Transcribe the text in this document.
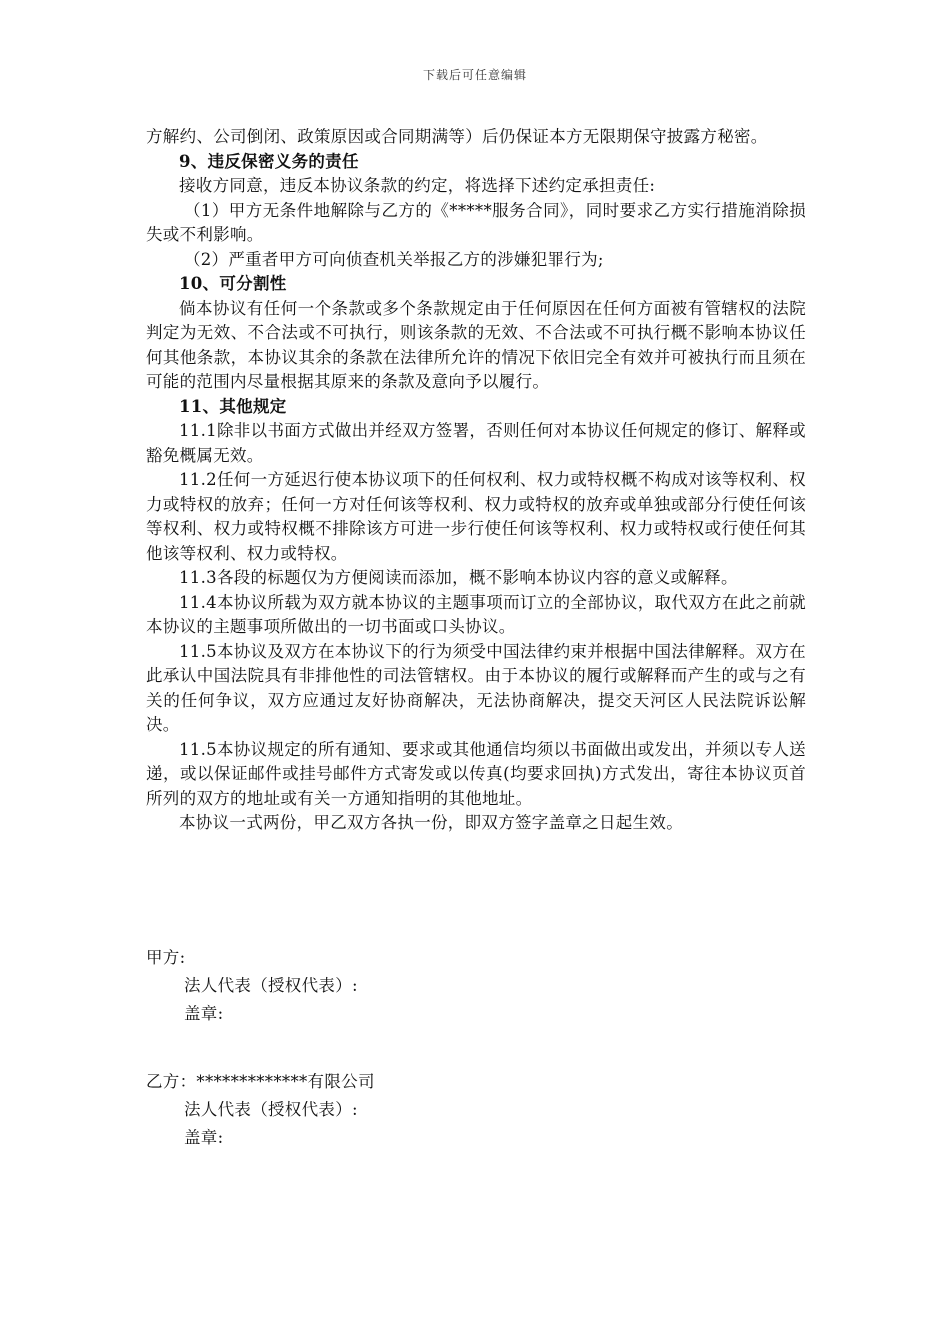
下载后可任意编辑

方解约、公司倒闭、政策原因或合同期满等）后仍保证本方无限期保守披露方秘密。

9、违反保密义务的责任

接收方同意，违反本协议条款的约定，将选择下述约定承担责任:

（1）甲方无条件地解除与乙方的《*****服务合同》，同时要求乙方实行措施消除损失或不利影响。

（2）严重者甲方可向侦查机关举报乙方的涉嫌犯罪行为;

10、可分割性

倘本协议有任何一个条款或多个条款规定由于任何原因在任何方面被有管辖权的法院判定为无效、不合法或不可执行，则该条款的无效、不合法或不可执行概不影响本协议任何其他条款，本协议其余的条款在法律所允许的情况下依旧完全有效并可被执行而且须在可能的范围内尽量根据其原来的条款及意向予以履行。

11、其他规定

11.1除非以书面方式做出并经双方签署，否则任何对本协议任何规定的修订、解释或豁免概属无效。

11.2任何一方延迟行使本协议项下的任何权利、权力或特权概不构成对该等权利、权力或特权的放弃；任何一方对任何该等权利、权力或特权的放弃或单独或部分行使任何该等权利、权力或特权概不排除该方可进一步行使任何该等权利、权力或特权或行使任何其他该等权利、权力或特权。

11.3各段的标题仅为方便阅读而添加，概不影响本协议内容的意义或解释。

11.4本协议所载为双方就本协议的主题事项而订立的全部协议，取代双方在此之前就本协议的主题事项所做出的一切书面或口头协议。

11.5本协议及双方在本协议下的行为须受中国法律约束并根据中国法律解释。双方在此承认中国法院具有非排他性的司法管辖权。由于本协议的履行或解释而产生的或与之有关的任何争议，双方应通过友好协商解决，无法协商解决，提交天河区人民法院诉讼解决。

11.5本协议规定的所有通知、要求或其他通信均须以书面做出或发出，并须以专人送递，或以保证邮件或挂号邮件方式寄发或以传真(均要求回执)方式发出，寄往本协议页首所列的双方的地址或有关一方通知指明的其他地址。

本协议一式两份，甲乙双方各执一份，即双方签字盖章之日起生效。

甲方:

法人代表（授权代表）:

盖章:

乙方：*************有限公司

法人代表（授权代表）:

盖章:
